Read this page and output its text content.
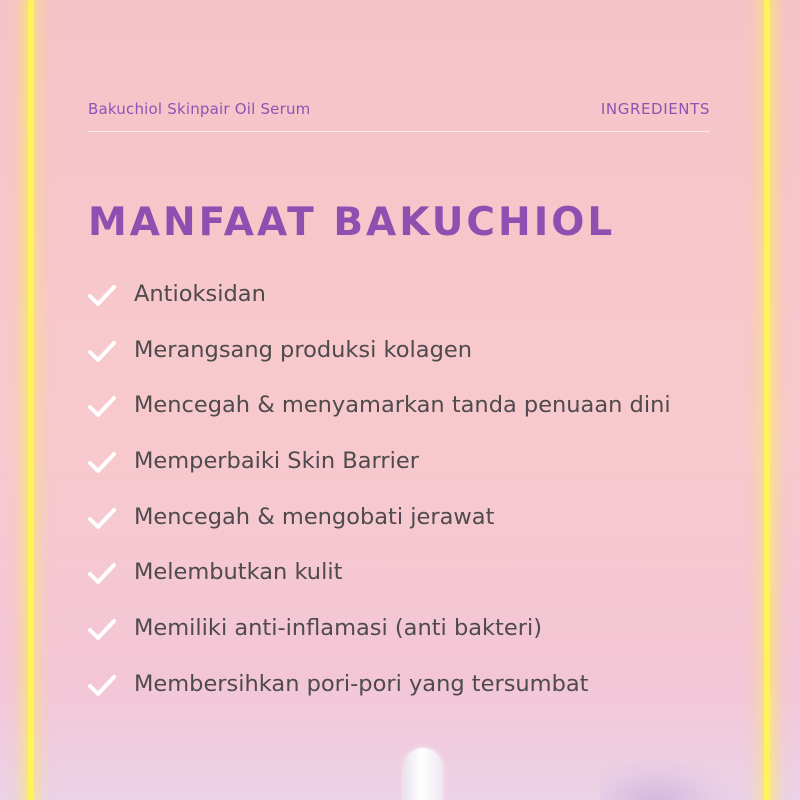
Bakuchiol Skinpair Oil Serum	INGREDIENTS
MANFAAT BAKUCHIOL
Antioksidan
Merangsang produksi kolagen
Mencegah & menyamarkan tanda penuaan dini
Memperbaiki Skin Barrier
Mencegah & mengobati jerawat
Melembutkan kulit
Memiliki anti-inflamasi (anti bakteri)
Membersihkan pori-pori yang tersumbat
